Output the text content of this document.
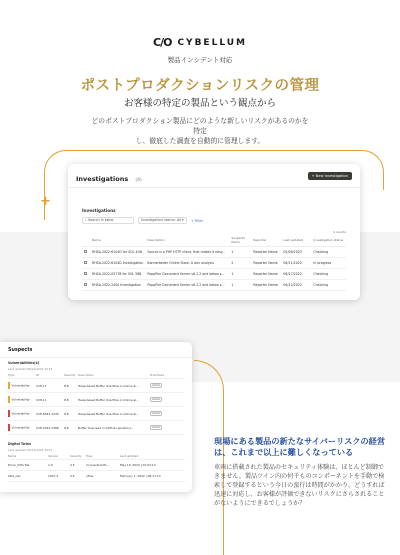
+
C/O CYBELLUM
製品インシデント対応
ポストプロダクションリスクの管理
お客様の特定の製品という観点から
どのポストプロダクション製品にどのような新しいリスクがあるのかを特定
し、徹底した調査を自動的に管理します。
Investigations (4)
+ New Investigation
Investigations
⌕ Search in table	Investigation status: All ▾	+ Filter
4 results
	Name	Description	Suspects Items	Reporter	Last updated	Investigation status
	RHSA-2022:6104D for SOL 4G8	Source is a PHP HTTP client, that makes it easy...	1	Reporter Name	05/06/2023	Checking
	RHSA-2022:6104D Investigation	Bannerbeder Online Store. A dev analysis	2	Reporter Name	06/11/2022	In progress
	RHSA-2022:0577B for SOL Y8B	PoppPler Document Server v6.2.2 and below s...	1	Reporter Name	06/17/2022	Checking
	RHSA-2022:2400 Investigation	PoppPler Document Server v6.2.2 and below s...	1	Reporter Name	06/12/2022	Checking
Suspects
Vulnerabilities(4)
Last updated 06/11/2023 10:27
Type	ID	Severity	Description	Prioritized
Vulnerability	CVE-11	8.8	Heap-based Buffer Overflow in Online al...	Active
Vulnerability	CVE-11	8.8	Heap-based Buffer Overflow in Online al...	Active
Vulnerability	CVE-6543-7445	8.8	Heap-based Buffer Overflow in Online al...	Active
Vulnerability	CVE-2022-3386	8.8	Buffer Overread in GitHub repository...	Active
Digital Twins
Last updated 06/11/2023 10:27
Name	Version	Severity	Type	Last updated
Drive_drtfs.file	1.0	4.5	Connected Mo...	May 19, 2023 | 01:04:13
ADS_Cac	1007.3	4.5	other	February 1, 2022 | 06:17:13
現場にある製品の新たなサイバーリスクの経営は、これまで以上に難しくなっている
車両に搭載された製品のセキュリティ体験は、ほとんど制御できません。製品ツイン内の何千ものコンポーネントを手動で検索して登録するという今日の蛮行は時間がかかり、どうすれば迅速に対応し、お客様が評価できないリスクにさらされることがないようにできるでしょうか？
